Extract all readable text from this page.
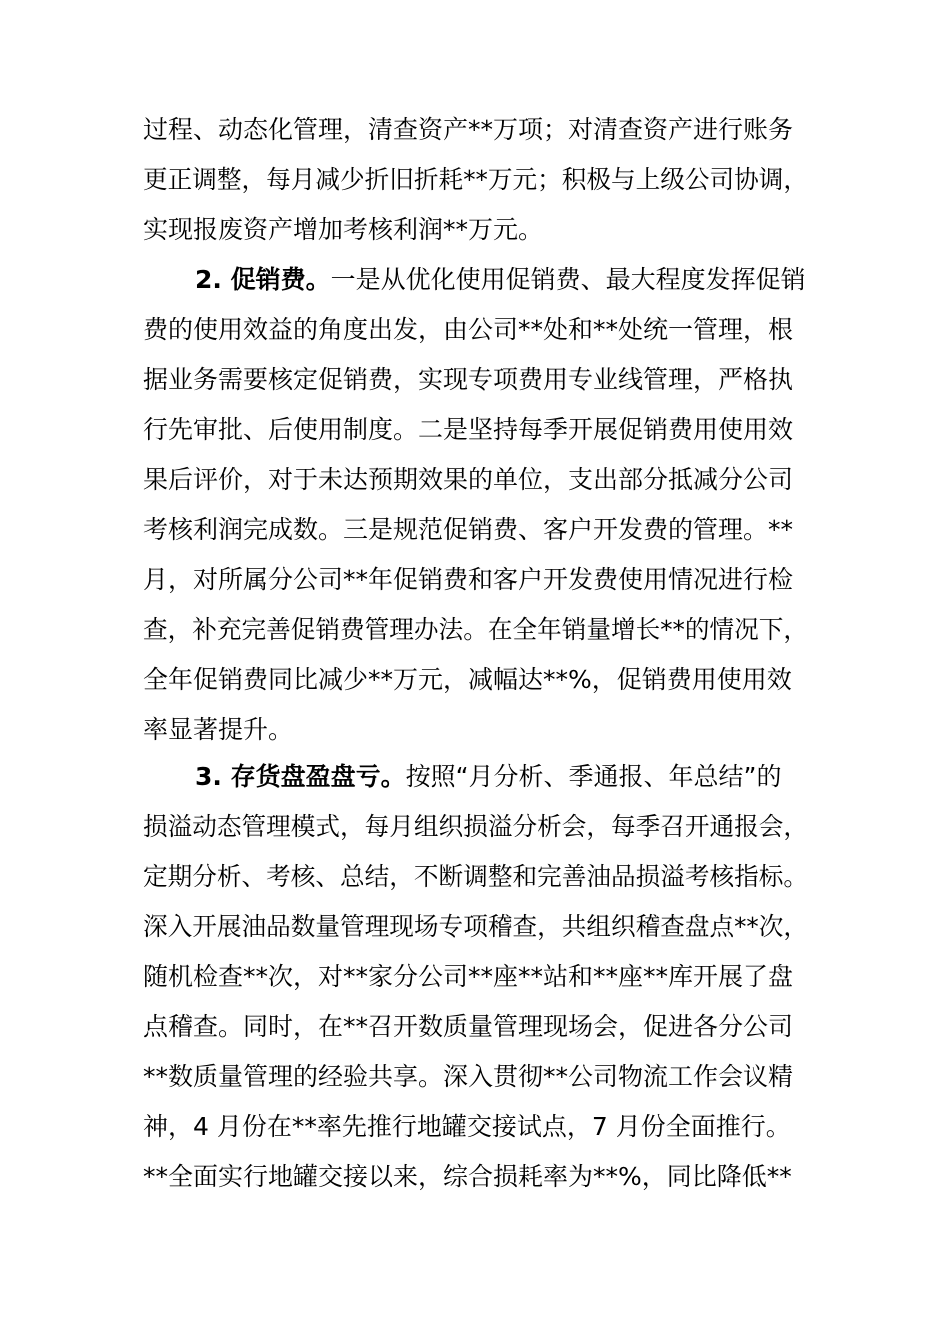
过程、动态化管理，清查资产**万项；对清查资产进行账务
更正调整，每月减少折旧折耗**万元；积极与上级公司协调，
实现报废资产增加考核利润**万元。
2. 促销费。一是从优化使用促销费、最大程度发挥促销
费的使用效益的角度出发，由公司**处和**处统一管理，根
据业务需要核定促销费，实现专项费用专业线管理，严格执
行先审批、后使用制度。二是坚持每季开展促销费用使用效
果后评价，对于未达预期效果的单位，支出部分抵减分公司
考核利润完成数。三是规范促销费、客户开发费的管理。**
月，对所属分公司**年促销费和客户开发费使用情况进行检
查，补充完善促销费管理办法。在全年销量增长**的情况下，
全年促销费同比减少**万元，减幅达**%，促销费用使用效
率显著提升。
3. 存货盘盈盘亏。按照“月分析、季通报、年总结”的
损溢动态管理模式，每月组织损溢分析会，每季召开通报会，
定期分析、考核、总结，不断调整和完善油品损溢考核指标。
深入开展油品数量管理现场专项稽查，共组织稽查盘点**次，
随机检查**次，对**家分公司**座**站和**座**库开展了盘
点稽查。同时，在**召开数质量管理现场会，促进各分公司
**数质量管理的经验共享。深入贯彻**公司物流工作会议精
神，4 月份在**率先推行地罐交接试点，7 月份全面推行。
**全面实行地罐交接以来，综合损耗率为**%，同比降低**
